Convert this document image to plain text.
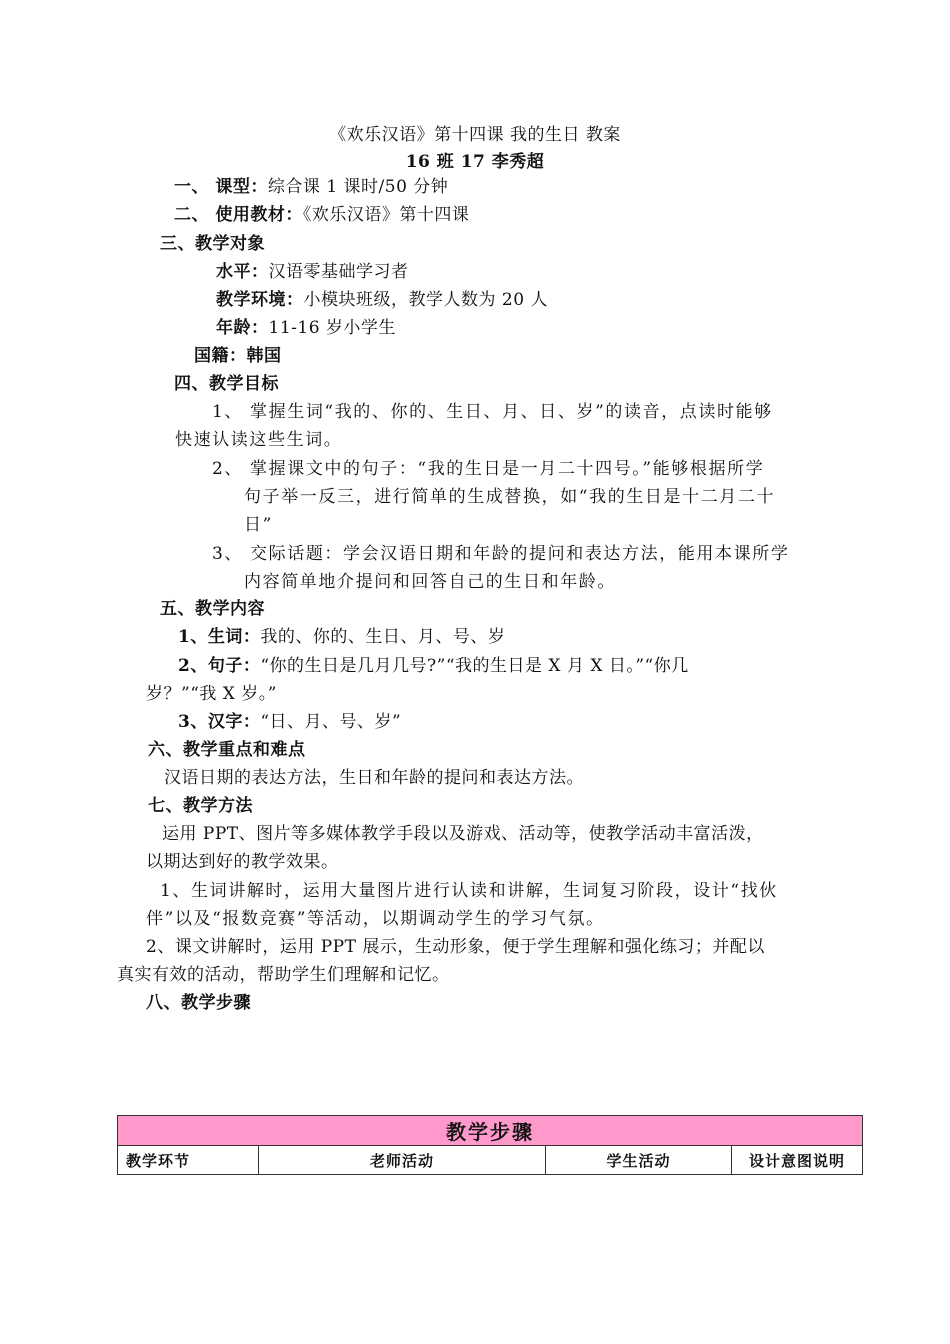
《欢乐汉语》第十四课 我的生日 教案
16 班 17 李秀超
一、 课型：综合课 1 课时/50 分钟
二、 使用教材：《欢乐汉语》第十四课
三、教学对象
水平：汉语零基础学习者
教学环境：小模块班级，教学人数为 20 人
年龄：11-16 岁小学生
国籍：韩国
四、教学目标
1、 掌握生词“我的、你的、生日、月、日、岁”的读音，点读时能够
快速认读这些生词。
2、 掌握课文中的句子：“我的生日是一月二十四号。”能够根据所学
句子举一反三，进行简单的生成替换，如“我的生日是十二月二十
日”
3、 交际话题：学会汉语日期和年龄的提问和表达方法，能用本课所学
内容简单地介提问和回答自己的生日和年龄。
五、教学内容
1、生词：我的、你的、生日、月、号、岁
2、句子：“你的生日是几月几号?”“我的生日是 X 月 X 日。”“你几
岁？”“我 X 岁。”
3、汉字：“日、月、号、岁”
六、教学重点和难点
汉语日期的表达方法，生日和年龄的提问和表达方法。
七、教学方法
运用 PPT、图片等多媒体教学手段以及游戏、活动等，使教学活动丰富活泼，
以期达到好的教学效果。
1、生词讲解时，运用大量图片进行认读和讲解，生词复习阶段，设计“找伙
伴”以及“报数竞赛”等活动，以期调动学生的学习气氛。
2、课文讲解时，运用 PPT 展示，生动形象，便于学生理解和强化练习；并配以
真实有效的活动，帮助学生们理解和记忆。
八、教学步骤
教学步骤
教学环节	老师活动	学生活动	设计意图说明
